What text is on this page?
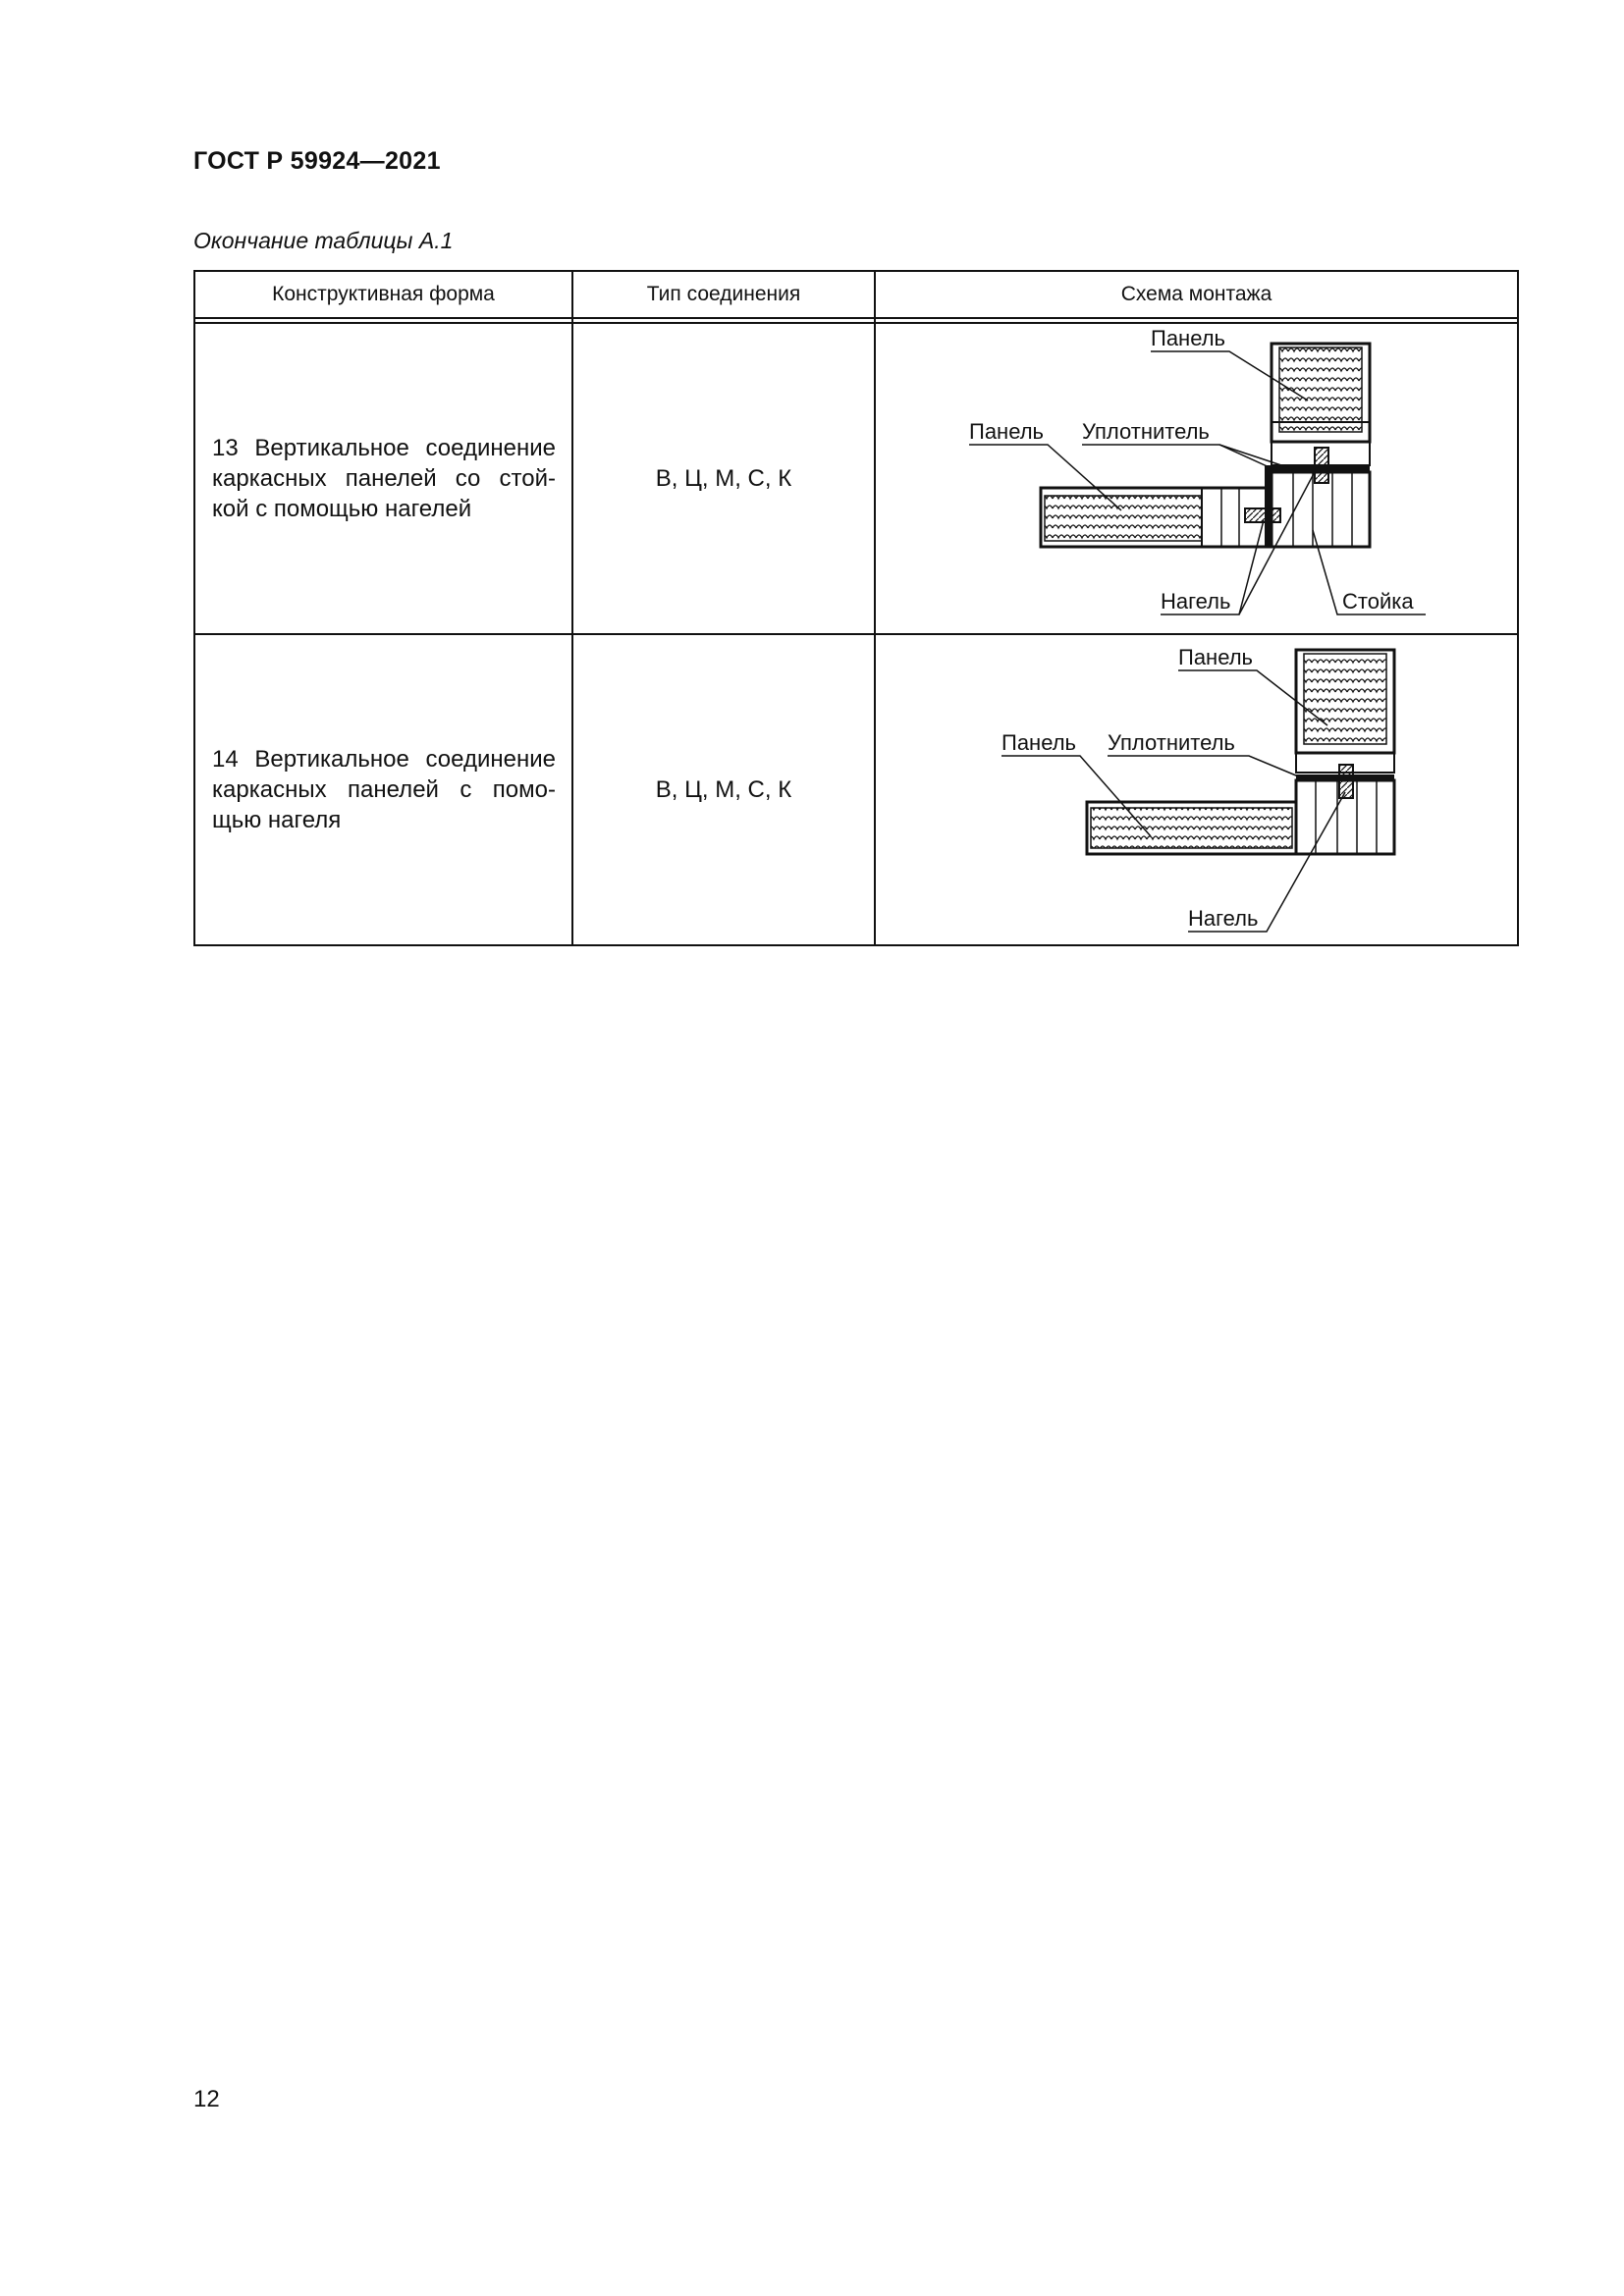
ГОСТ Р 59924—2021
Окончание таблицы А.1
Конструктивная форма	Тип соединения	Схема монтажа

13 Вертикальное соединение каркасных панелей со стой-кой с помощью нагелей	В, Ц, М, С, К	Панель
Панель Уплотнитель
Нагель Стойка

14 Вертикальное соединение каркасных панелей с помо-щью нагеля	В, Ц, М, С, К	Панель
Панель Уплотнитель
Нагель
12
